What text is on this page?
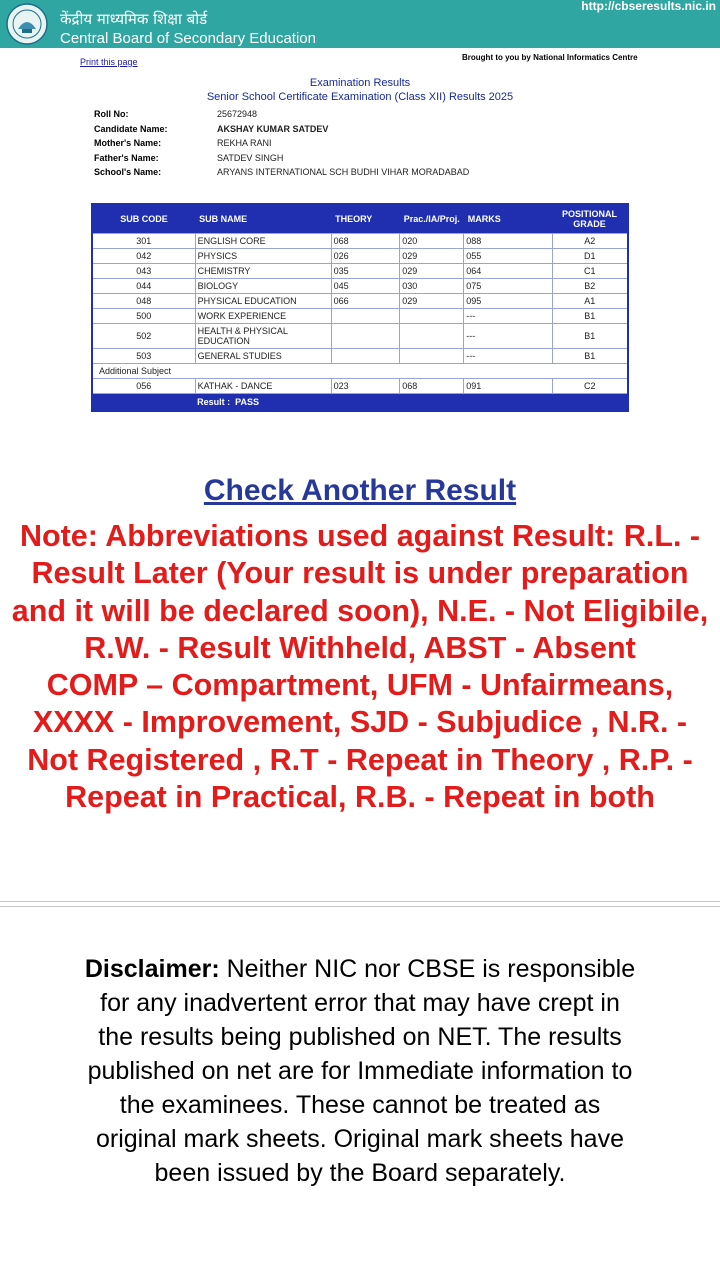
केंद्रीय माध्यमिक शिक्षा बोर्ड
Central Board of Secondary Education
http://cbseresults.nic.in
Print this page	Brought to you by National Informatics Centre
Examination Results
Senior School Certificate Examination (Class XII) Results 2025
Roll No:	25672948
Candidate Name:	AKSHAY KUMAR SATDEV
Mother's Name:	REKHA RANI
Father's Name:	SATDEV SINGH
School's Name:	ARYANS INTERNATIONAL SCH BUDHI VIHAR MORADABAD
SUB CODE	SUB NAME	THEORY	Prac./IA/Proj.	MARKS	POSITIONAL GRADE
301	ENGLISH CORE	068	020	088	A2
042	PHYSICS	026	029	055	D1
043	CHEMISTRY	035	029	064	C1
044	BIOLOGY	045	030	075	B2
048	PHYSICAL EDUCATION	066	029	095	A1
500	WORK EXPERIENCE			---	B1
502	HEALTH & PHYSICAL EDUCATION			---	B1
503	GENERAL STUDIES			---	B1
Additional Subject					
056	KATHAK - DANCE	023	068	091	C2
	Result : PASS				
Check Another Result

Note: Abbreviations used against Result: R.L. - Result Later (Your result is under preparation and it will be declared soon), N.E. - Not Eligibile, R.W. - Result Withheld, ABST - Absent

COMP – Compartment, UFM - Unfairmeans, XXXX - Improvement, SJD - Subjudice , N.R. - Not Registered , R.T - Repeat in Theory , R.P. - Repeat in Practical, R.B. - Repeat in both

Disclaimer: Neither NIC nor CBSE is responsible for any inadvertent error that may have crept in the results being published on NET. The results published on net are for Immediate information to the examinees. These cannot be treated as original mark sheets. Original mark sheets have been issued by the Board separately.
